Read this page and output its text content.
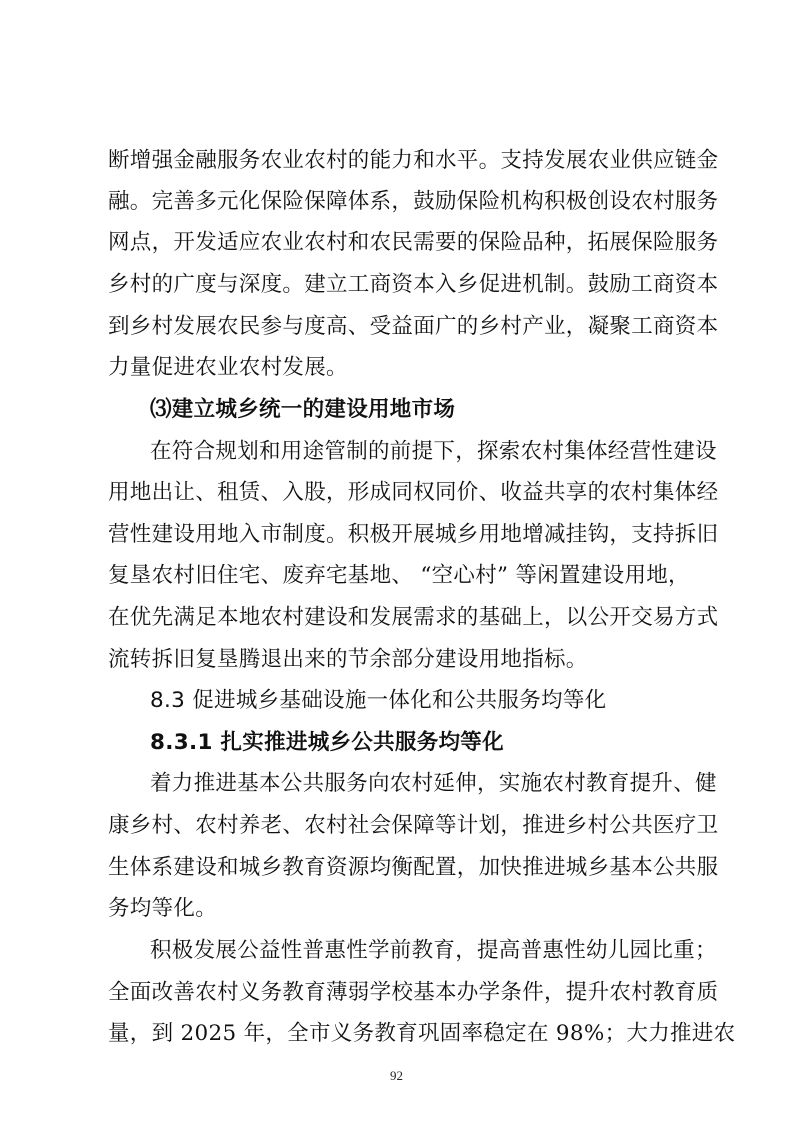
断增强金融服务农业农村的能力和水平。支持发展农业供应链金
融。完善多元化保险保障体系，鼓励保险机构积极创设农村服务
网点，开发适应农业农村和农民需要的保险品种，拓展保险服务
乡村的广度与深度。建立工商资本入乡促进机制。鼓励工商资本
到乡村发展农民参与度高、受益面广的乡村产业，凝聚工商资本
力量促进农业农村发展。
⑶建立城乡统一的建设用地市场
在符合规划和用途管制的前提下，探索农村集体经营性建设
用地出让、租赁、入股，形成同权同价、收益共享的农村集体经
营性建设用地入市制度。积极开展城乡用地增减挂钩，支持拆旧
复垦农村旧住宅、废弃宅基地、 “空心村” 等闲置建设用地，
在优先满足本地农村建设和发展需求的基础上，以公开交易方式
流转拆旧复垦腾退出来的节余部分建设用地指标。
8.3 促进城乡基础设施一体化和公共服务均等化
8.3.1 扎实推进城乡公共服务均等化
着力推进基本公共服务向农村延伸，实施农村教育提升、健
康乡村、农村养老、农村社会保障等计划，推进乡村公共医疗卫
生体系建设和城乡教育资源均衡配置，加快推进城乡基本公共服
务均等化。
积极发展公益性普惠性学前教育，提高普惠性幼儿园比重；
全面改善农村义务教育薄弱学校基本办学条件，提升农村教育质
量，到 2025 年，全市义务教育巩固率稳定在 98%；大力推进农
92
